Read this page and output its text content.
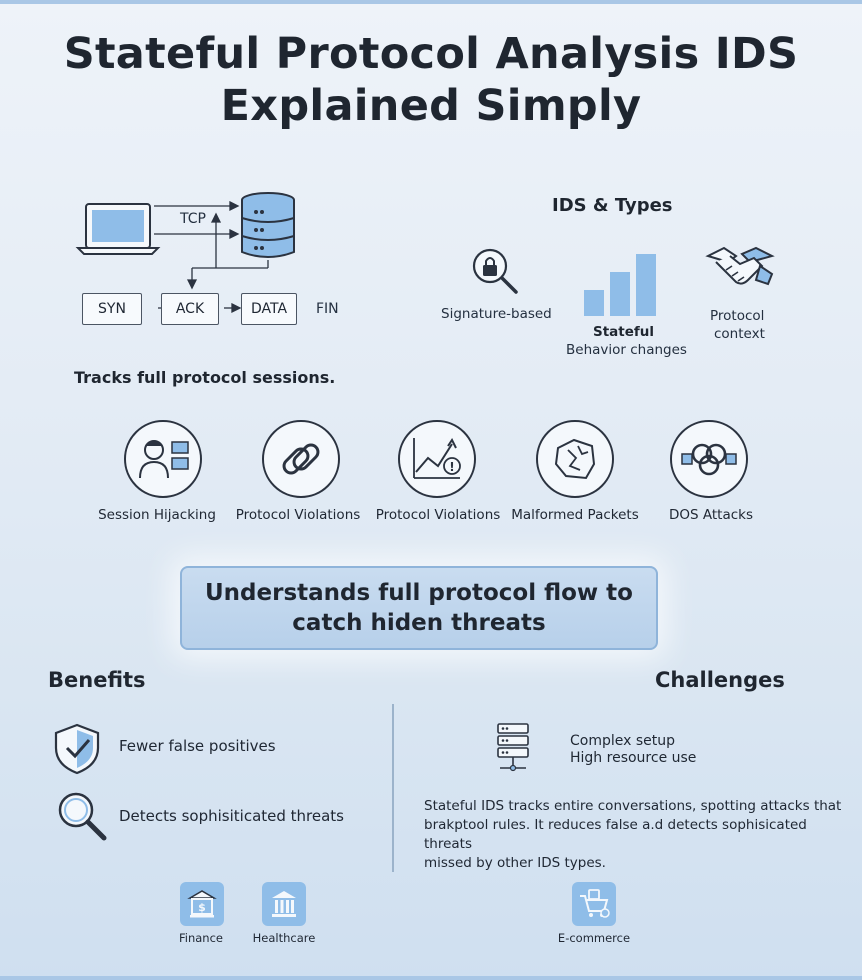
Stateful Protocol Analysis IDS
Explained Simply
TCP
SYN	ACK	DATA	FIN
Tracks full protocol sessions.
IDS & Types
Signature-based
Stateful
Behavior changes
Protocol
context
!
Session Hijacking	Protocol Violations	Protocol Violations Malformed Packets	DOS Attacks
Understands full protocol flow to
catch hiden threats
Benefits
Fewer false positives
Detects sophisiticated threats
Challenges
Complex setup
High resource use
Stateful IDS tracks entire conversations, spotting attacks that
brakptool rules. It reduces false a.d detects sophisicated threats
missed by other IDS types.
$
Finance	Healthcare	E-commerce
